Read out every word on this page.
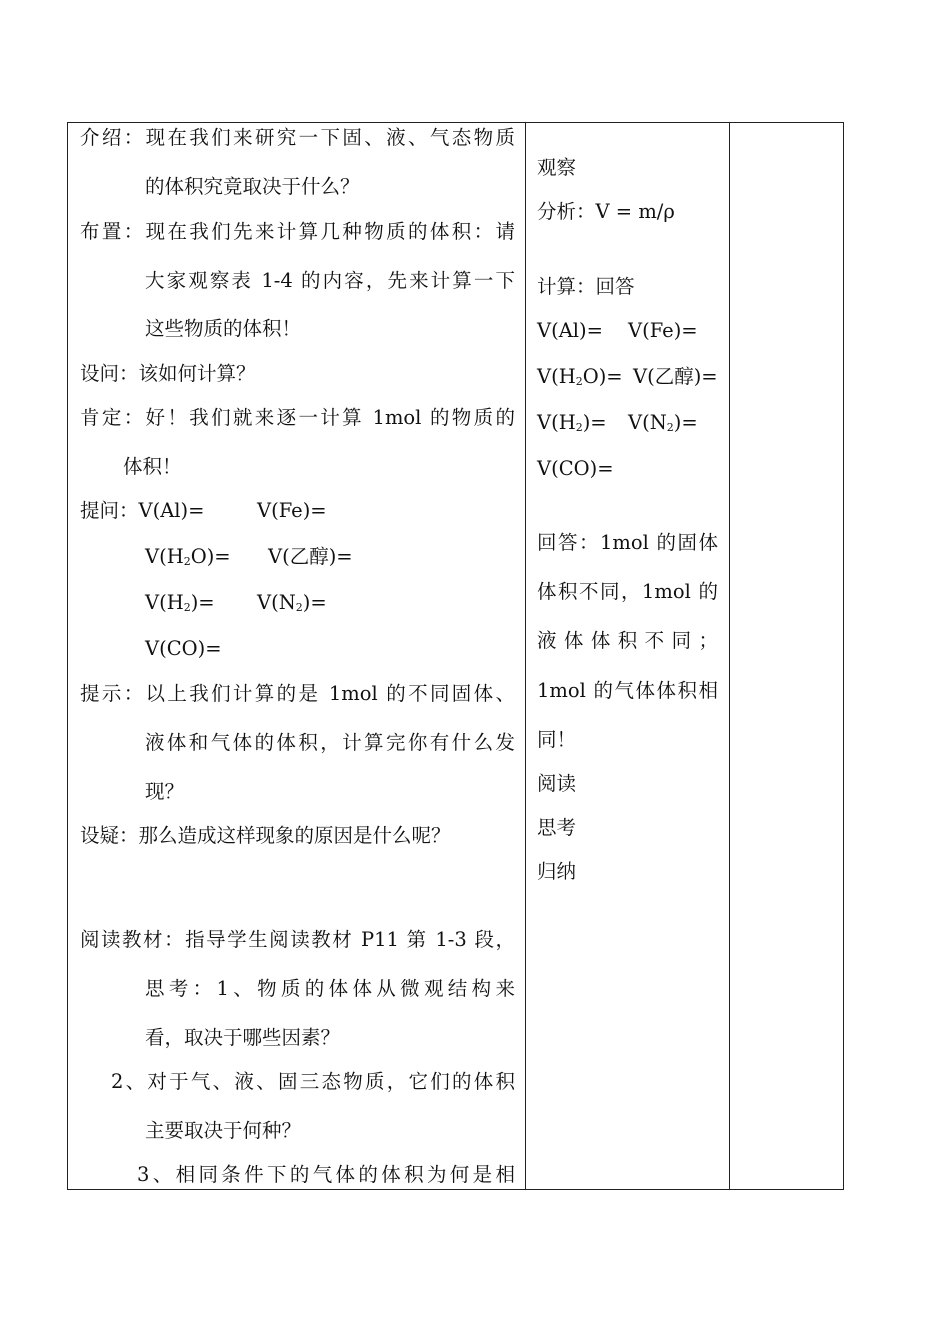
介绍：现在我们来研究一下固、液、气态物质
的体积究竟取决于什么？
布置：现在我们先来计算几种物质的体积：请
大家观察表 1-4 的内容，先来计算一下
这些物质的体积！
设问：该如何计算？
肯定：好！我们就来逐一计算 1mol 的物质的
体积！
提问：V(Al)=	V(Fe)=
$V(H_2O)= V$(乙醇)=
$V(H_2)= V(N_2)=$
V(CO)=
提示：以上我们计算的是 1mol 的不同固体、
液体和气体的体积，计算完你有什么发
现？
设疑：那么造成这样现象的原因是什么呢？
阅读教材：指导学生阅读教材 P11 第 1-3 段，
思考：1、物质的体体从微观结构来
看，取决于哪些因素？
2、对于气、液、固三态物质，它们的体积
主要取决于何种？
3、相同条件下的气体的体积为何是相
观察
分析：V = m/ρ
计算：回答
V(Al)= V(Fe)=
$V(H_2O)= V$(乙醇)=
$V(H_2)= V(N_2)=$
V(CO)=
回答：1mol 的固体
体积不同，1mol 的
液体体积不同；
1mol 的气体体积相
同！
阅读
思考
归纳
